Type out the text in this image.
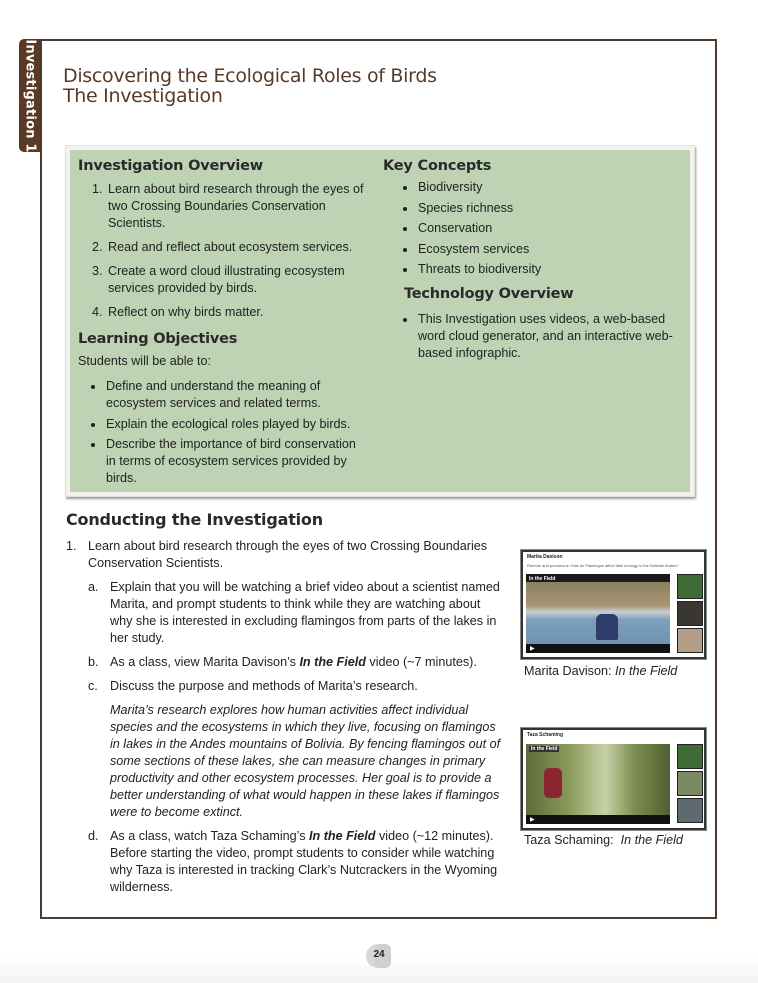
Investigation 1 Discovering the Ecological Roles of Birds
The Investigation
Investigation Overview
1. Learn about bird research through the eyes of two Crossing Boundaries Conservation Scientists.
2. Read and reflect about ecosystem services.
3. Create a word cloud illustrating ecosystem services provided by birds.
4. Reflect on why birds matter.
Learning Objectives
Students will be able to:
Define and understand the meaning of ecosystem services and related terms.
Explain the ecological roles played by birds.
Describe the importance of bird conservation in terms of ecosystem services provided by birds.
Key Concepts
Biodiversity
Species richness
Conservation
Ecosystem services
Threats to biodiversity
Technology Overview
This Investigation uses videos, a web-based word cloud generator, and an interactive web-based infographic.
Conducting the Investigation
1. Learn about bird research through the eyes of two Crossing Boundaries Conservation Scientists.
a. Explain that you will be watching a brief video about a scientist named Marita, and prompt students to think while they are watching about why she is interested in excluding flamingos from parts of the lakes in her study.
b. As a class, view Marita Davison’s In the Field video (~7 minutes).
c. Discuss the purpose and methods of Marita’s research.
Marita’s research explores how human activities affect individual species and the ecosystems in which they live, focusing on flamingos in lakes in the Andes mountains of Bolivia. By fencing flamingos out of some sections of these lakes, she can measure changes in primary productivity and other ecosystem processes. Her goal is to provide a better understanding of what would happen in these lakes if flamingos were to become extinct.
d. As a class, watch Taza Schaming’s In the Field video (~12 minutes). Before starting the video, prompt students to consider while watching why Taza is interested in tracking Clark’s Nutcrackers in the Wyoming wilderness.
Marita Davison
Remote and precarious: How do Flamingos affect lake ecology in the Bolivian Andes?
In the Field
▶
Marita Davison: In the Field
Taza Schaming
In the Field
▶
Taza Schaming:  In the Field
24
